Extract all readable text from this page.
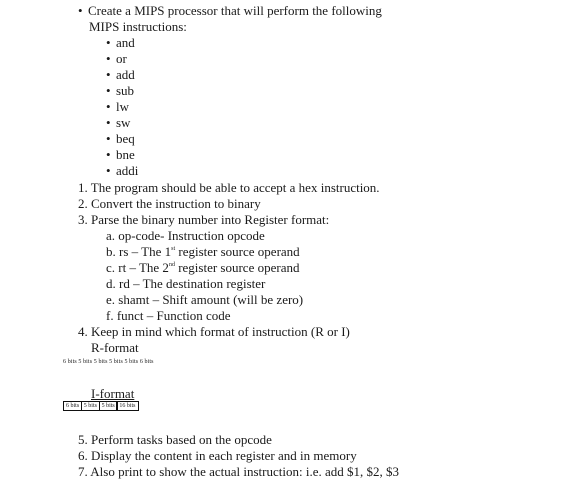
• Create a MIPS processor that will perform the following
MIPS instructions:
• and
• or
• add
• sub
• lw
• sw
• beq
• bne
• addi
1. The program should be able to accept a hex instruction.
2. Convert the instruction to binary
3. Parse the binary number into Register format:
a. op-code- Instruction opcode
b. rs – The 1st register source operand
c. rt – The 2nd register source operand
d. rd – The destination register
e. shamt – Shift amount (will be zero)
f. funct – Function code
4. Keep in mind which format of instruction (R or I)
R-format
6 bits 5 bits 5 bits 5 bits 5 bits 6 bits
I-format
6 bits 5 bits 5 bits 16 bits
5. Perform tasks based on the opcode
6. Display the content in each register and in memory
7. Also print to show the actual instruction: i.e. add $1, $2, $3
